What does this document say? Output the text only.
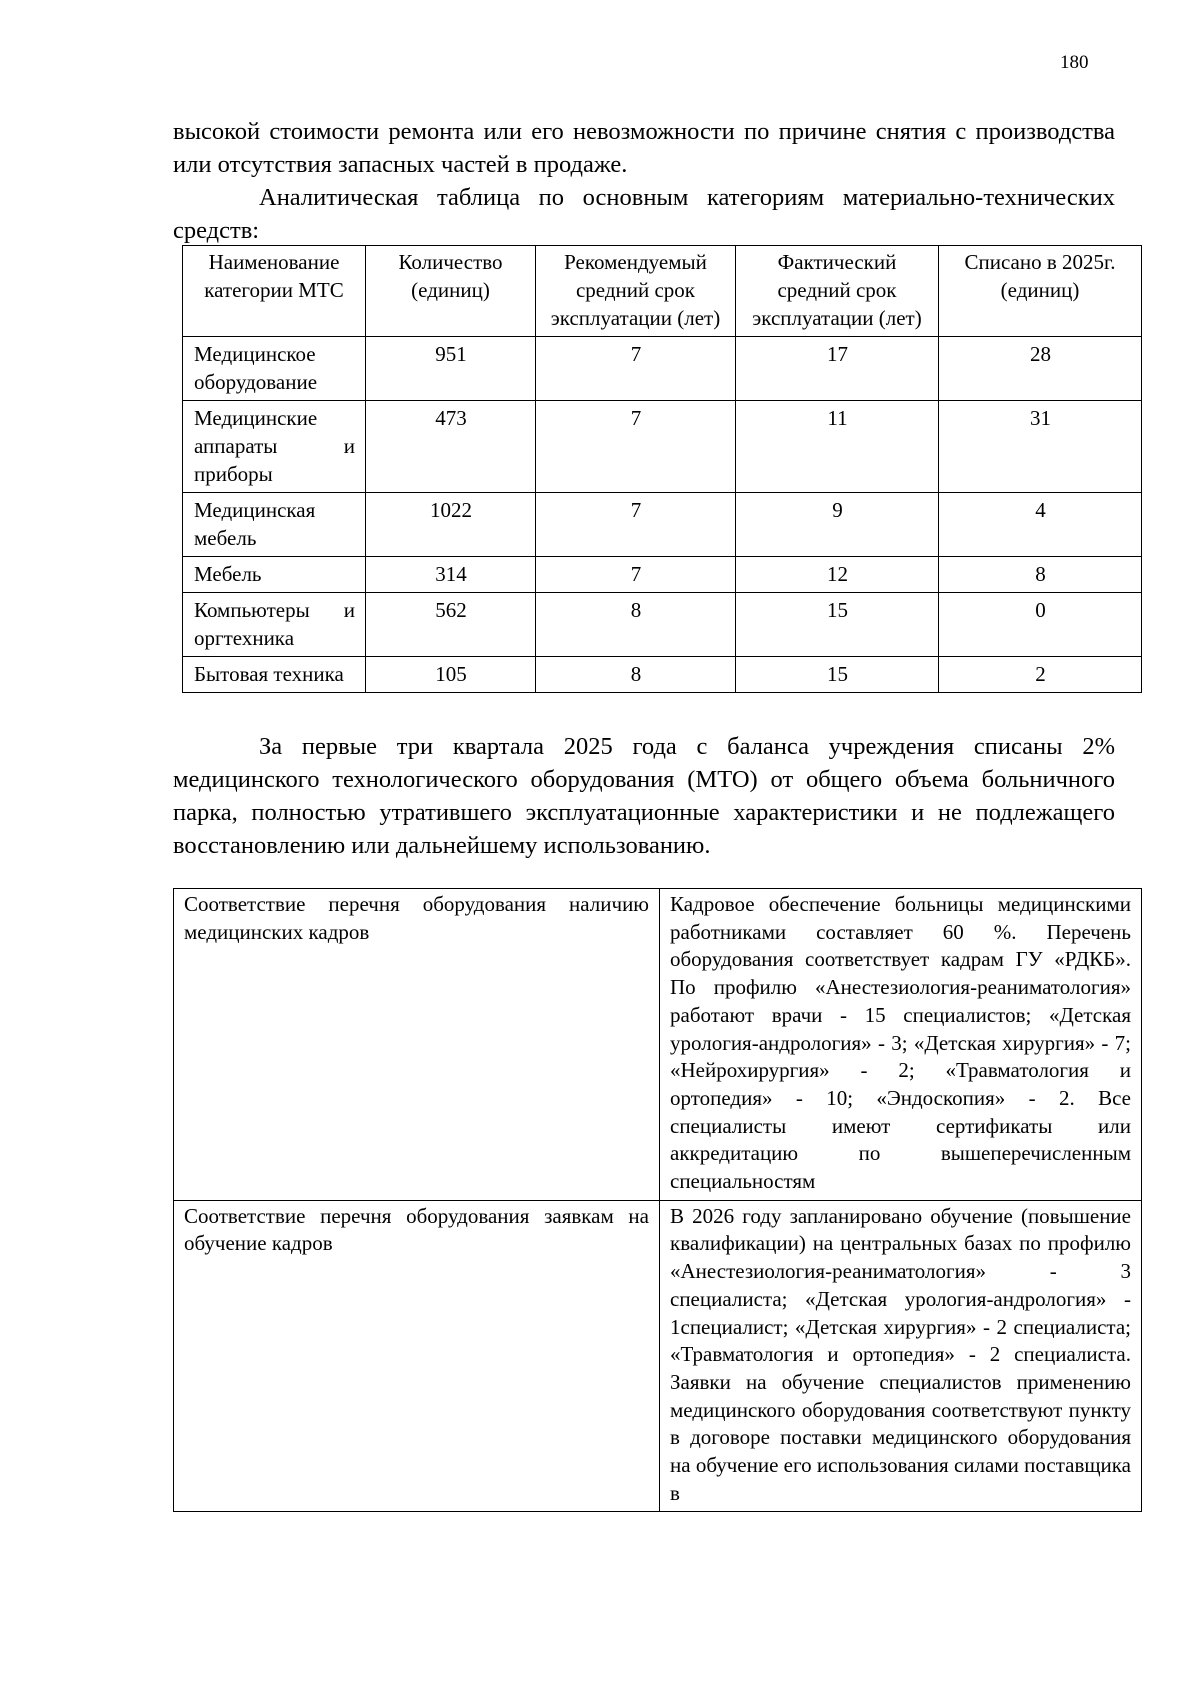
180
высокой стоимости ремонта или его невозможности по причине снятия с производства или отсутствия запасных частей в продаже.
Аналитическая таблица по основным категориям материально-технических средств:
Наименование категории МТС	Количество (единиц)	Рекомендуемый средний срок эксплуатации (лет)	Фактический средний срок эксплуатации (лет)	Списано в 2025г. (единиц)
Медицинское оборудование	951	7	17	28
Медицинские аппараты и приборы	473	7	11	31
Медицинская мебель	1022	7	9	4
Мебель	314	7	12	8
Компьютеры и оргтехника	562	8	15	0
Бытовая техника	105	8	15	2
За первые три квартала 2025 года с баланса учреждения списаны 2% медицинского технологического оборудования (МТО) от общего объема больничного парка, полностью утратившего эксплуатационные характеристики и не подлежащего восстановлению или дальнейшему использованию.
Соответствие перечня оборудования наличию медицинских кадров	Кадровое обеспечение больницы медицинскими работниками составляет 60 %. Перечень оборудования соответствует кадрам ГУ «РДКБ». По профилю «Анестезиология-реаниматология» работают врачи - 15 специалистов; «Детская урология-андрология» - 3; «Детская хирургия» - 7; «Нейрохирургия» - 2; «Травматология и ортопедия» - 10; «Эндоскопия» - 2. Все специалисты имеют сертификаты или аккредитацию по вышеперечисленным специальностям
Соответствие перечня оборудования заявкам на обучение кадров	В 2026 году запланировано обучение (повышение квалификации) на центральных базах по профилю «Анестезиология-реаниматология» - 3 специалиста; «Детская урология-андрология» - 1специалист; «Детская хирургия» - 2 специалиста; «Травматология и ортопедия» - 2 специалиста. Заявки на обучение специалистов применению медицинского оборудования соответствуют пункту в договоре поставки медицинского оборудования на обучение его использования силами поставщика в
